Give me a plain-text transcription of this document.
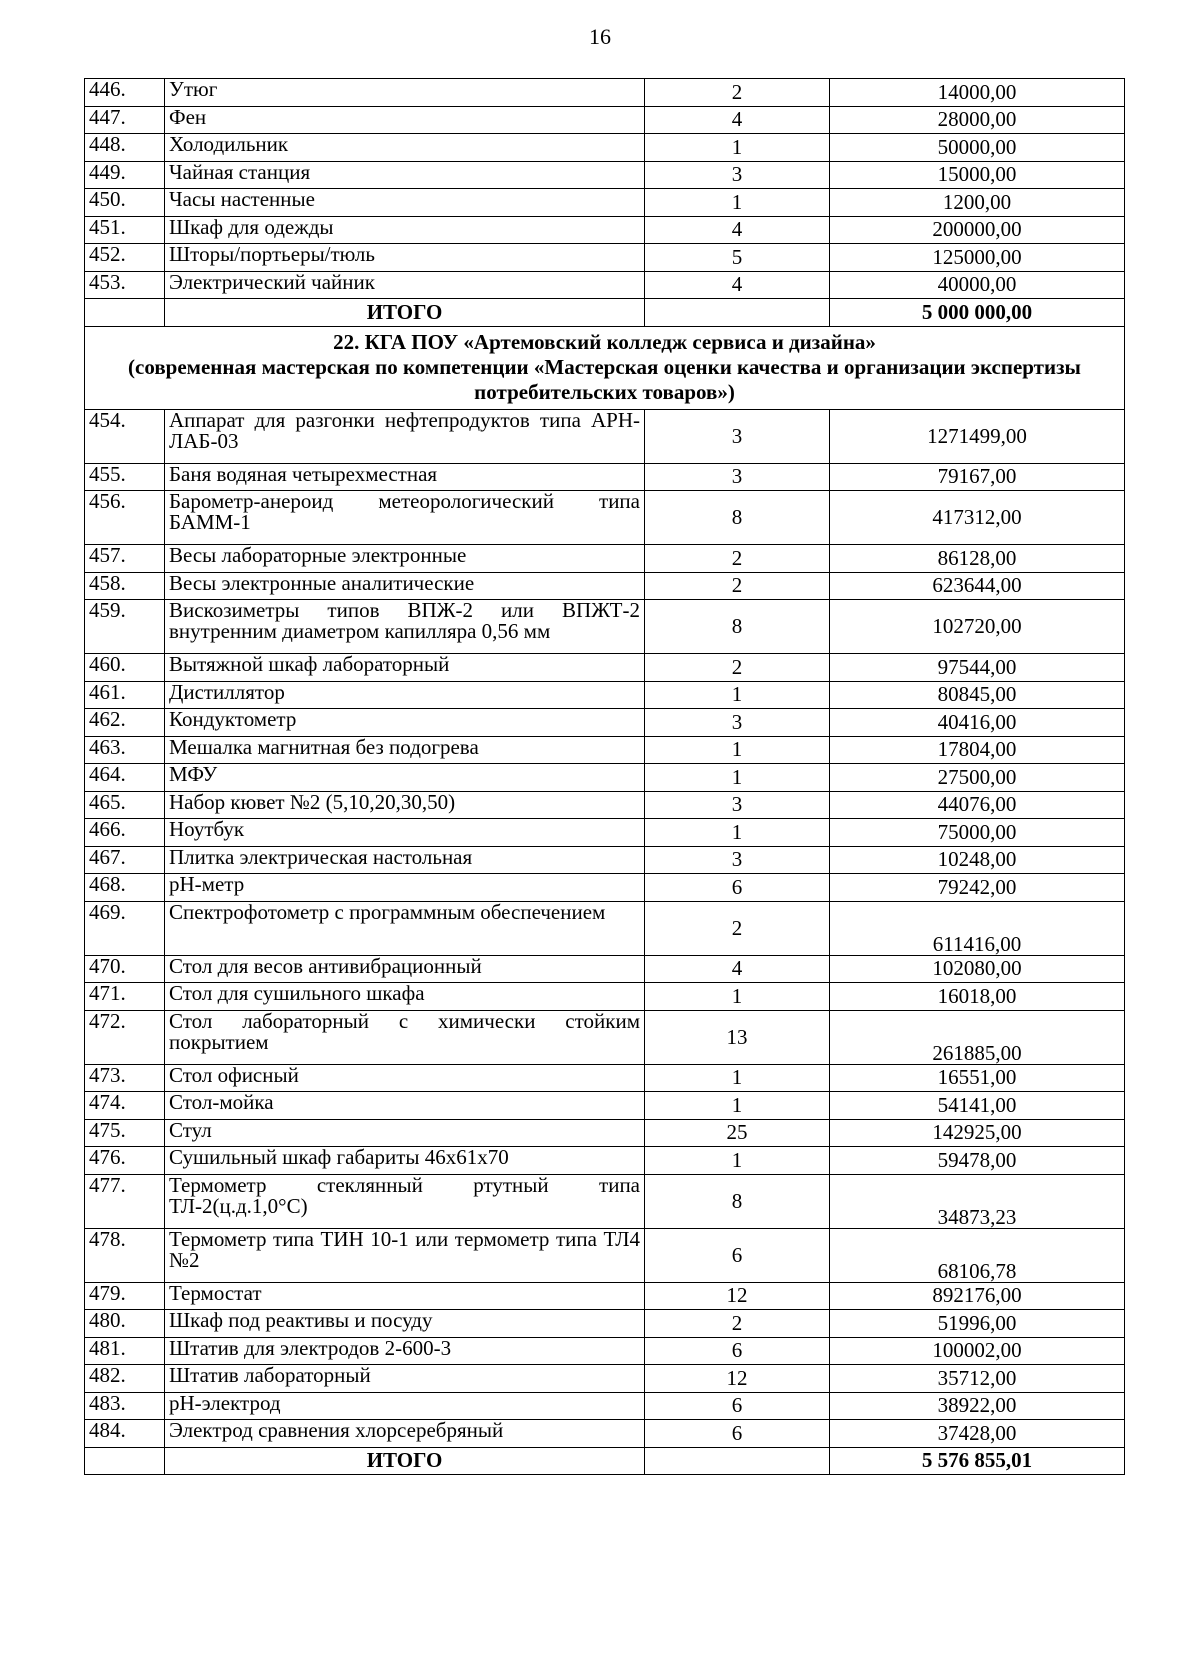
16
446.	Утюг	2	14000,00
447.	Фен	4	28000,00
448.	Холодильник	1	50000,00
449.	Чайная станция	3	15000,00
450.	Часы настенные	1	1200,00
451.	Шкаф для одежды	4	200000,00
452.	Шторы/портьеры/тюль	5	125000,00
453.	Электрический чайник	4	40000,00
	ИТОГО		5 000 000,00

22. КГА ПОУ «Артемовский колледж сервиса и дизайна»
(современная мастерская по компетенции «Мастерская оценки качества и организации экспертизы потребительских товаров»)			

454.	Аппарат для разгонки нефтепродуктов типа АРН-ЛАБ-03	3	1271499,00
455.	Баня водяная четырехместная	3	79167,00
456.	Барометр-анероид метеорологический типа БАММ-1	8	417312,00
457.	Весы лабораторные электронные	2	86128,00
458.	Весы электронные аналитические	2	623644,00
459.	Вискозиметры типов ВПЖ-2 или ВПЖТ-2 внутренним диаметром капилляра 0,56 мм	8	102720,00
460.	Вытяжной шкаф лабораторный	2	97544,00
461.	Дистиллятор	1	80845,00
462.	Кондуктометр	3	40416,00
463.	Мешалка магнитная без подогрева	1	17804,00
464.	МФУ	1	27500,00
465.	Набор кювет №2 (5,10,20,30,50)	3	44076,00
466.	Ноутбук	1	75000,00
467.	Плитка электрическая настольная	3	10248,00
468.	pH-метр	6	79242,00
469.	Спектрофотометр с программным обеспечением	2	611416,00
470.	Стол для весов антивибрационный	4	102080,00
471.	Стол для сушильного шкафа	1	16018,00
472.	Стол лабораторный с химически стойким покрытием	13	261885,00
473.	Стол офисный	1	16551,00
474.	Стол-мойка	1	54141,00
475.	Стул	25	142925,00
476.	Сушильный шкаф габариты 46х61х70	1	59478,00
477.	Термометр стеклянный ртутный типа ТЛ-2(ц.д.1,0°С)	8	34873,23
478.	Термометр типа ТИН 10-1 или термометр типа ТЛ4 №2	6	68106,78
479.	Термостат	12	892176,00
480.	Шкаф под реактивы и посуду	2	51996,00
481.	Штатив для электродов 2-600-3	6	100002,00
482.	Штатив лабораторный	12	35712,00
483.	pH-электрод	6	38922,00
484.	Электрод сравнения хлорсеребряный	6	37428,00
	ИТОГО		5 576 855,01
